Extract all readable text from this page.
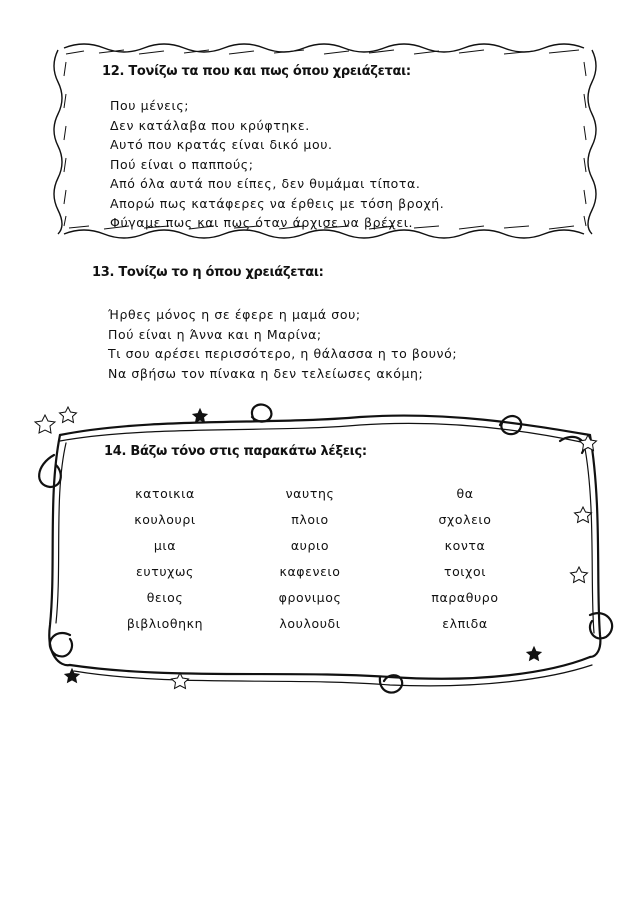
12. Τονίζω τα που και πως όπου χρειάζεται:
Που μένεις;
Δεν κατάλαβα που κρύφτηκε.
Αυτό που κρατάς είναι δικό μου.
Πού είναι ο παππούς;
Από όλα αυτά που είπες, δεν θυμάμαι τίποτα.
Απορώ πως κατάφερες να έρθεις με τόση βροχή.
Φύγαμε πως και πως όταν άρχισε να βρέχει.
13. Τονίζω το η όπου χρειάζεται:
Ήρθες μόνος η σε έφερε η μαμά σου;
Πού είναι η Άννα και η Μαρίνα;
Τι σου αρέσει περισσότερο, η θάλασσα η το βουνό;
Να σβήσω τον πίνακα η δεν τελείωσες ακόμη;
14. Βάζω τόνο στις παρακάτω λέξεις:
κατοικια	ναυτης	θα
κουλουρι	πλοιο	σχολειο
μια	αυριο	κοντα
ευτυχως	καφενειο	τοιχοι
θειος	φρονιμος	παραθυρο
βιβλιοθηκη	λουλουδι	ελπιδα
